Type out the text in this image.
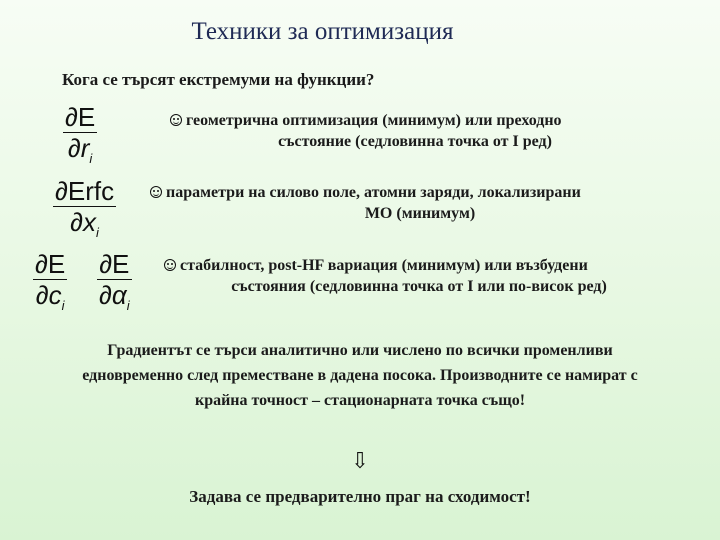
Техники за оптимизация
Кога се търсят екстремуми на функции?
$\frac{\partial E}{\partial r_i}$
$\frac{\text{∂Erfc}}{\partial x_i}$
$\frac{\partial E}{\partial c_i} \frac{\partial E}{\partial\alpha_i}$
геометрична оптимизация (минимум) или преходно
състояние (седловинна точка от I ред)
параметри на силово поле, атомни заряди, локализирани
МО (минимум)
стабилност, post-HF вариация (минимум) или възбудени
състояния (седловинна точка от I или по-висок ред)
Градиентът се търси аналитично или числено по всички променливи
едновременно след преместване в дадена посока. Производните се намират с
крайна точност – стационарната точка също!
⇩
Задава се предварително праг на сходимост!
